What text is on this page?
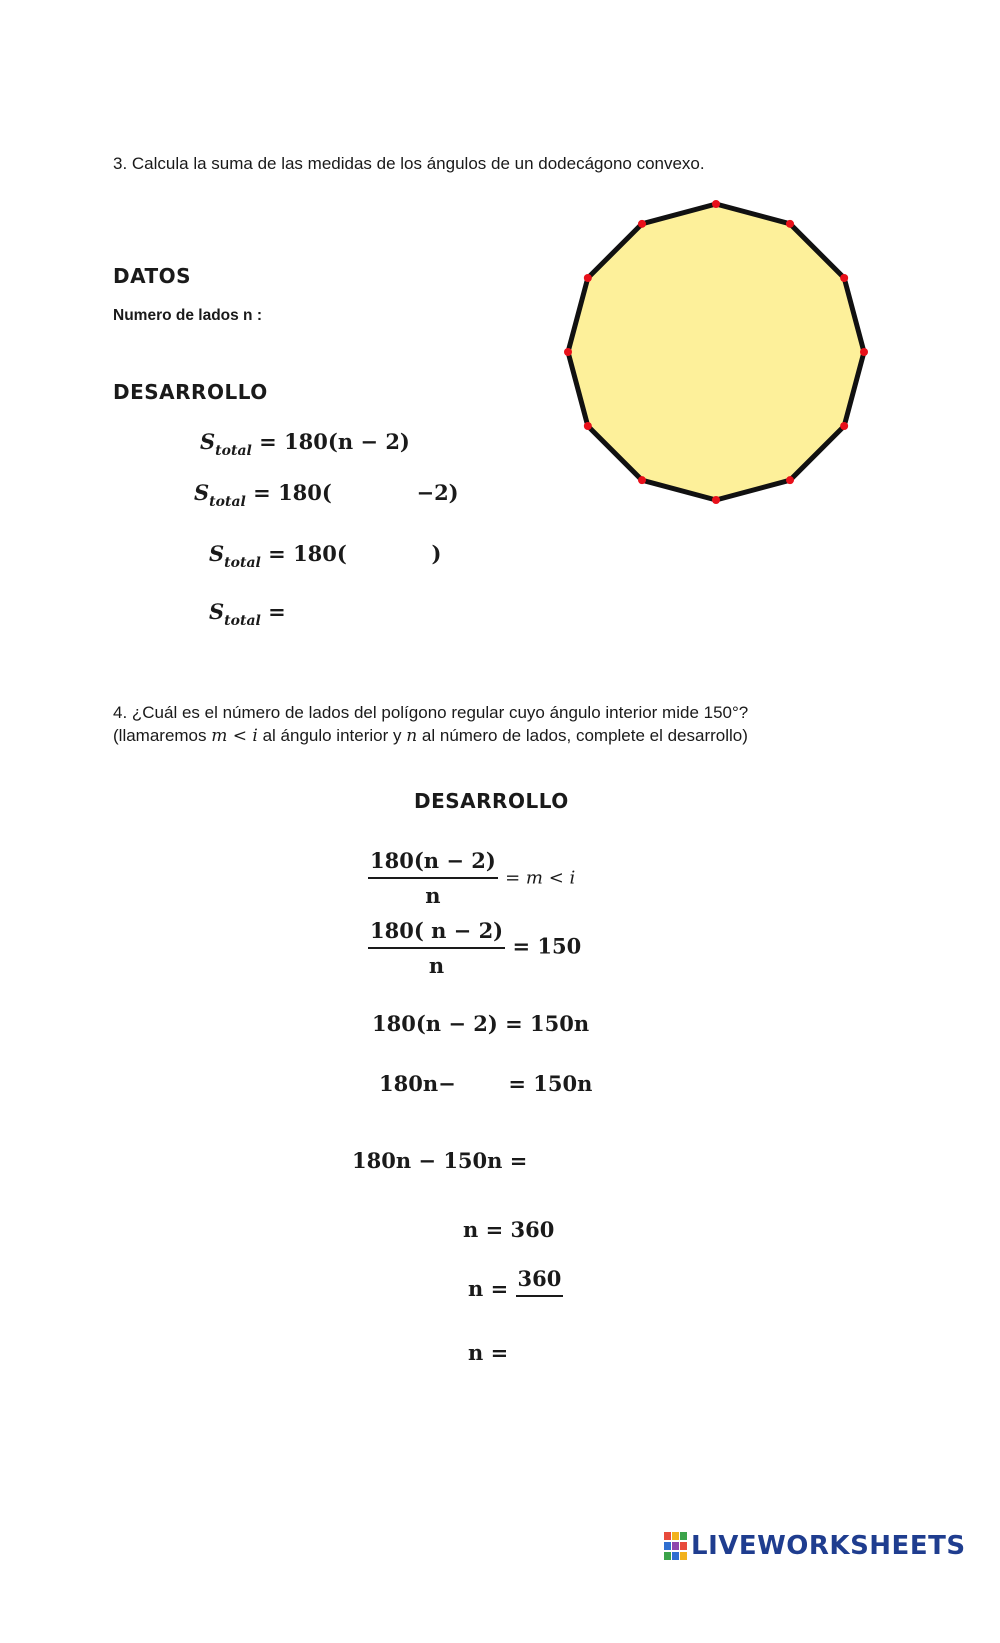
3. Calcula la suma de las medidas de los ángulos de un dodecágono convexo.
DATOS
Numero de lados n :
DESARROLLO
$S_{total} = 180(n - 2)$
$S_{total} = 180$(	−2)
$S_{total} = 180$(	)
$S_{total}$ =
4. ¿Cuál es el número de lados del polígono regular cuyo ángulo interior mide 150°?
(llamaremos m < i al ángulo interior y n al número de lados, complete el desarrollo)
DESARROLLO
$\frac{180(n - 2)}{n} = m < i$
$\frac{180( n - 2)}{n} = 150$
180(n − 2) = 150n
180n−	= 150n
180n − 150n =
n = 360
n = 360
n =
LIVEWORKSHEETS
